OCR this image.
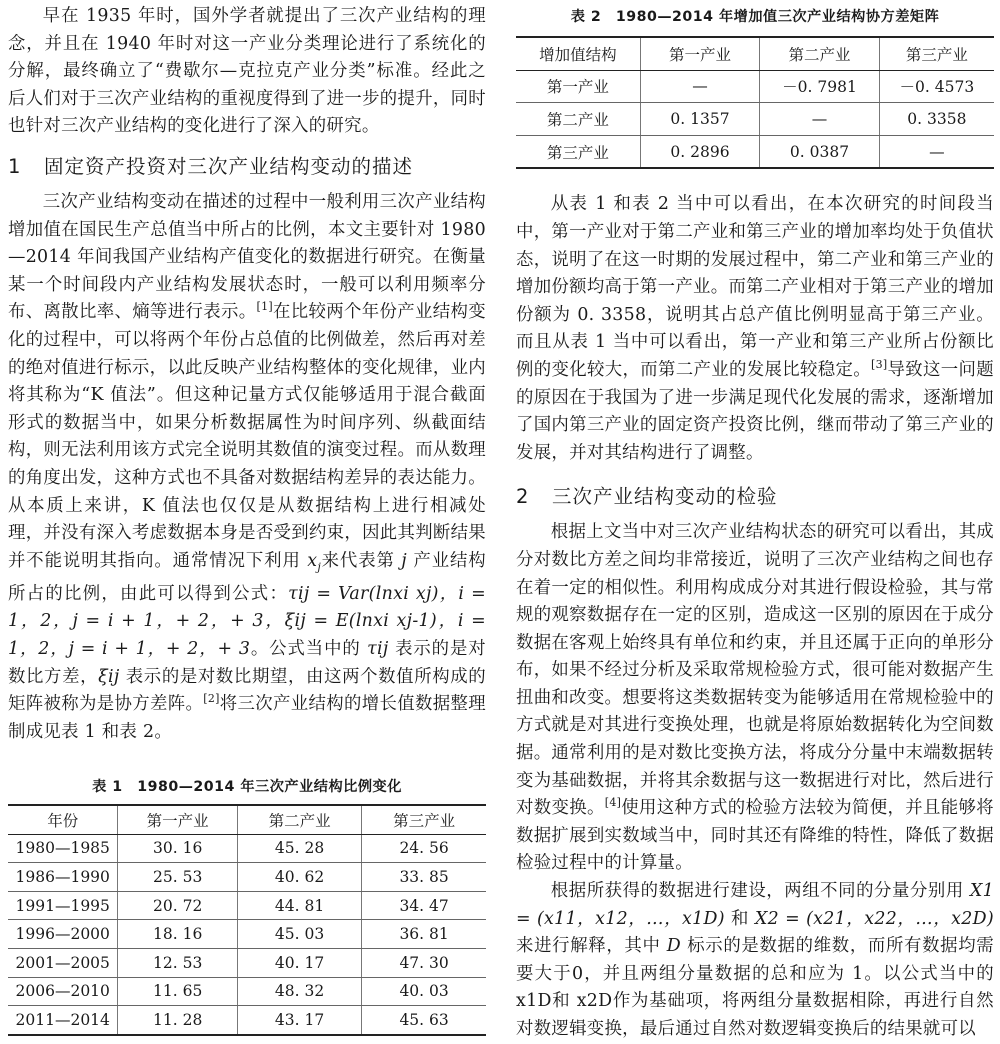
早在 1935 年时，国外学者就提出了三次产业结构的理念，并且在 1940 年时对这一产业分类理论进行了系统化的分解，最终确立了“费歇尔—克拉克产业分类”标准。经此之后人们对于三次产业结构的重视度得到了进一步的提升，同时也针对三次产业结构的变化进行了深入的研究。

1 固定资产投资对三次产业结构变动的描述

三次产业结构变动在描述的过程中一般利用三次产业结构增加值在国民生产总值当中所占的比例，本文主要针对 1980—2014 年间我国产业结构产值变化的数据进行研究。在衡量某一个时间段内产业结构发展状态时，一般可以利用频率分布、离散比率、熵等进行表示。[1]在比较两个年份产业结构变化的过程中，可以将两个年份占总值的比例做差，然后再对差的绝对值进行标示，以此反映产业结构整体的变化规律，业内将其称为“K 值法”。但这种记量方式仅能够适用于混合截面形式的数据当中，如果分析数据属性为时间序列、纵截面结构，则无法利用该方式完全说明其数值的演变过程。而从数理的角度出发，这种方式也不具备对数据结构差异的表达能力。从本质上来讲，K 值法也仅仅是从数据结构上进行相减处理，并没有深入考虑数据本身是否受到约束，因此其判断结果并不能说明其指向。通常情况下利用 $x_j$来代表第 j 产业结构所占的比例，由此可以得到公式：τij = Var(lnxi xj)，i = 1，2，j = i + 1，+ 2，+ 3，ξij = E(lnxi xj-1)，i = 1，2，j = i + 1，+ 2，+ 3。公式当中的 τij 表示的是对数比方差，ξij 表示的是对数比期望，由这两个数值所构成的矩阵被称为是协方差阵。[2]将三次产业结构的增长值数据整理制成见表 1 和表 2。

表 1　1980—2014 年三次产业结构比例变化

年份	第一产业	第二产业	第三产业
1980—1985	30. 16	45. 28	24. 56
1986—1990	25. 53	40. 62	33. 85
1991—1995	20. 72	44. 81	34. 47
1996—2000	18. 16	45. 03	36. 81
2001—2005	12. 53	40. 17	47. 30
2006—2010	11. 65	48. 32	40. 03
2011—2014	11. 28	43. 17	45. 63

表 2　1980—2014 年增加值三次产业结构协方差矩阵

增加值结构	第一产业	第二产业	第三产业
第一产业	—	－0. 7981	－0. 4573
第二产业	0. 1357	—	0. 3358
第三产业	0. 2896	0. 0387	—

从表 1 和表 2 当中可以看出，在本次研究的时间段当中，第一产业对于第二产业和第三产业的增加率均处于负值状态，说明了在这一时期的发展过程中，第二产业和第三产业的增加份额均高于第一产业。而第二产业相对于第三产业的增加份额为 0. 3358，说明其占总产值比例明显高于第三产业。而且从表 1 当中可以看出，第一产业和第三产业所占份额比例的变化较大，而第二产业的发展比较稳定。[3]导致这一问题的原因在于我国为了进一步满足现代化发展的需求，逐渐增加了国内第三产业的固定资产投资比例，继而带动了第三产业的发展，并对其结构进行了调整。

2 三次产业结构变动的检验

根据上文当中对三次产业结构状态的研究可以看出，其成分对数比方差之间均非常接近，说明了三次产业结构之间也存在着一定的相似性。利用构成成分对其进行假设检验，其与常规的观察数据存在一定的区别，造成这一区别的原因在于成分数据在客观上始终具有单位和约束，并且还属于正向的单形分布，如果不经过分析及采取常规检验方式，很可能对数据产生扭曲和改变。想要将这类数据转变为能够适用在常规检验中的方式就是对其进行变换处理，也就是将原始数据转化为空间数据。通常利用的是对数比变换方法，将成分分量中末端数据转变为基础数据，并将其余数据与这一数据进行对比，然后进行对数变换。[4]使用这种方式的检验方法较为简便，并且能够将数据扩展到实数域当中，同时其还有降维的特性，降低了数据检验过程中的计算量。

根据所获得的数据进行建设，两组不同的分量分别用 X1 = (x11，x12，…，x1D) 和 X2 = (x21，x22，…，x2D) 来进行解释，其中 D 标示的是数据的维数，而所有数据均需要大于0，并且两组分量数据的总和应为 1。以公式当中的 x1D和 x2D作为基础项，将两组分量数据相除，再进行自然对数逻辑变换，最后通过自然对数逻辑变换后的结果就可以
